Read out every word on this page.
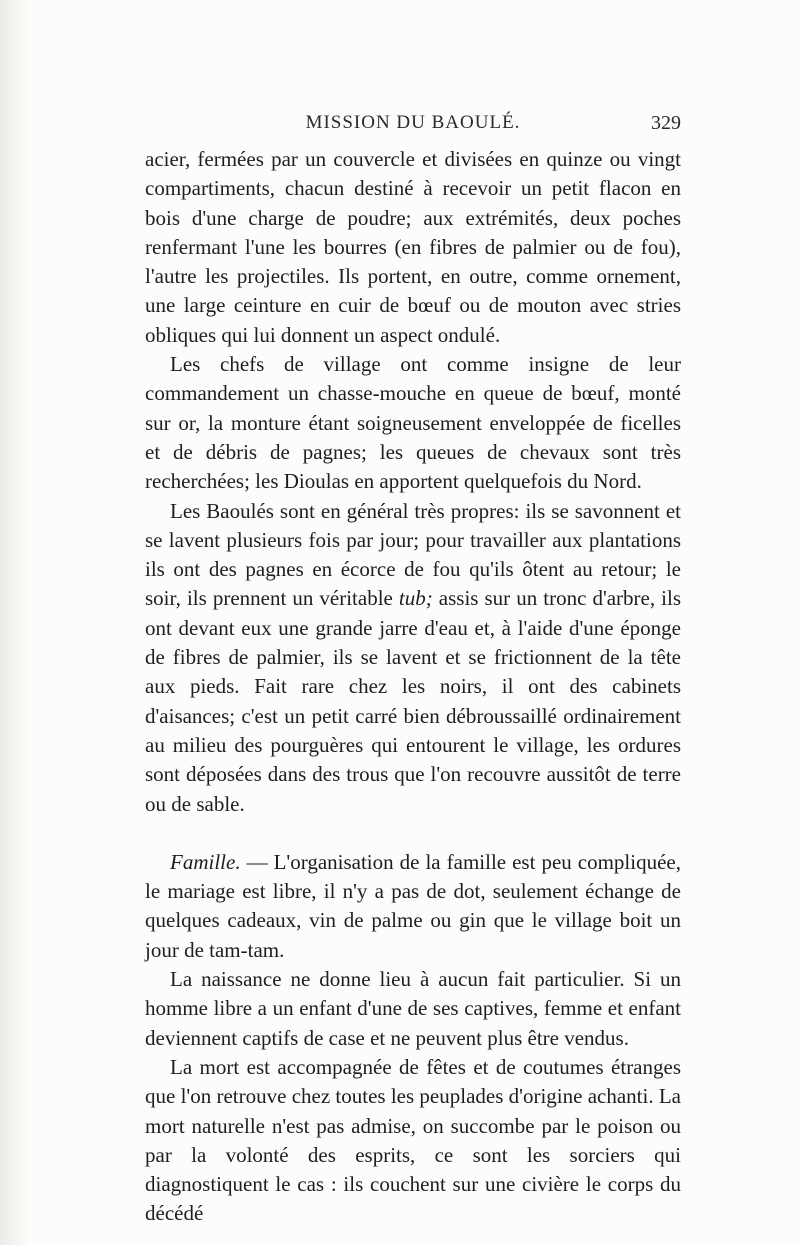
MISSION DU BAOULÉ.	329

acier, fermées par un couvercle et divisées en quinze ou vingt compartiments, chacun destiné à recevoir un petit flacon en bois d'une charge de poudre; aux extrémités, deux poches renfermant l'une les bourres (en fibres de palmier ou de fou), l'autre les projectiles. Ils portent, en outre, comme ornement, une large ceinture en cuir de bœuf ou de mouton avec stries obliques qui lui donnent un aspect ondulé.

Les chefs de village ont comme insigne de leur commandement un chasse-mouche en queue de bœuf, monté sur or, la monture étant soigneusement enveloppée de ficelles et de débris de pagnes; les queues de chevaux sont très recherchées; les Dioulas en apportent quelquefois du Nord.

Les Baoulés sont en général très propres: ils se savonnent et se lavent plusieurs fois par jour; pour travailler aux plantations ils ont des pagnes en écorce de fou qu'ils ôtent au retour; le soir, ils prennent un véritable tub; assis sur un tronc d'arbre, ils ont devant eux une grande jarre d'eau et, à l'aide d'une éponge de fibres de palmier, ils se lavent et se frictionnent de la tête aux pieds. Fait rare chez les noirs, il ont des cabinets d'aisances; c'est un petit carré bien débroussaillé ordinairement au milieu des pourguères qui entourent le village, les ordures sont déposées dans des trous que l'on recouvre aussitôt de terre ou de sable.

Famille. — L'organisation de la famille est peu compliquée, le mariage est libre, il n'y a pas de dot, seulement échange de quelques cadeaux, vin de palme ou gin que le village boit un jour de tam-tam.

La naissance ne donne lieu à aucun fait particulier. Si un homme libre a un enfant d'une de ses captives, femme et enfant deviennent captifs de case et ne peuvent plus être vendus.

La mort est accompagnée de fêtes et de coutumes étranges que l'on retrouve chez toutes les peuplades d'origine achanti. La mort naturelle n'est pas admise, on succombe par le poison ou par la volonté des esprits, ce sont les sorciers qui diagnostiquent le cas : ils couchent sur une civière le corps du décédé
